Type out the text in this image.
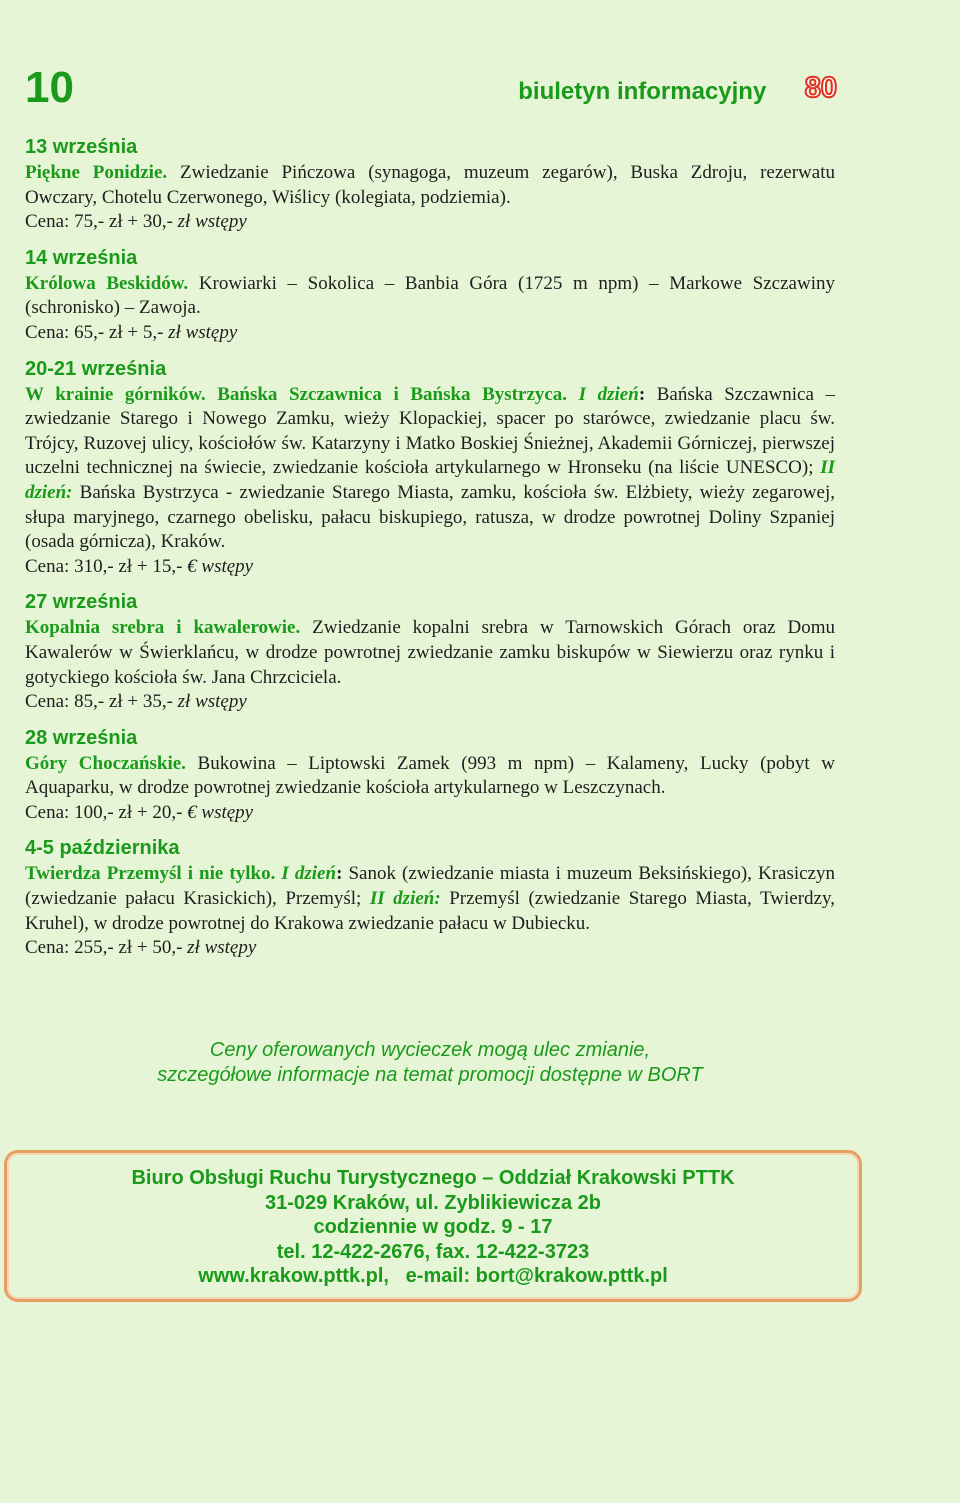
10	biuletyn informacyjny	80
13 września
Piękne Ponidzie. Zwiedzanie Pińczowa (synagoga, muzeum zegarów), Buska Zdroju, rezerwatu Owczary, Chotelu Czerwonego, Wiślicy (kolegiata, podziemia).
Cena: 75,- zł + 30,- zł wstępy
14 września
Królowa Beskidów. Krowiarki – Sokolica – Banbia Góra (1725 m npm) – Markowe Szczawiny (schronisko) – Zawoja.
Cena: 65,- zł + 5,- zł wstępy
20-21 września
W krainie górników. Bańska Szczawnica i Bańska Bystrzyca. I dzień: Bańska Szczawnica – zwiedzanie Starego i Nowego Zamku, wieży Klopackiej, spacer po starówce, zwiedzanie placu św. Trójcy, Ruzovej ulicy, kościołów św. Katarzyny i Matko Boskiej Śnieżnej, Akademii Górniczej, pierwszej uczelni technicznej na świecie, zwiedzanie kościoła artykularnego w Hronseku (na liście UNESCO); II dzień: Bańska Bystrzyca - zwiedzanie Starego Miasta, zamku, kościoła św. Elżbiety, wieży zegarowej, słupa maryjnego, czarnego obelisku, pałacu biskupiego, ratusza, w drodze powrotnej Doliny Szpaniej (osada górnicza), Kraków.
Cena: 310,- zł + 15,- € wstępy
27 września
Kopalnia srebra i kawalerowie. Zwiedzanie kopalni srebra w Tarnowskich Górach oraz Domu Kawalerów w Świerklańcu, w drodze powrotnej zwiedzanie zamku biskupów w Siewierzu oraz rynku i gotyckiego kościoła św. Jana Chrzciciela.
Cena: 85,- zł + 35,- zł wstępy
28 września
Góry Choczańskie. Bukowina – Liptowski Zamek (993 m npm) – Kalameny, Lucky (pobyt w Aquaparku, w drodze powrotnej zwiedzanie kościoła artykularnego w Leszczynach.
Cena: 100,- zł + 20,- € wstępy
4-5 października
Twierdza Przemyśl i nie tylko. I dzień: Sanok (zwiedzanie miasta i muzeum Beksińskiego), Krasiczyn (zwiedzanie pałacu Krasickich), Przemyśl; II dzień: Przemyśl (zwiedzanie Starego Miasta, Twierdzy, Kruhel), w drodze powrotnej do Krakowa zwiedzanie pałacu w Dubiecku.
Cena: 255,- zł + 50,- zł wstępy
Ceny oferowanych wycieczek mogą ulec zmianie,
szczegółowe informacje na temat promocji dostępne w BORT
Biuro Obsługi Ruchu Turystycznego – Oddział Krakowski PTTK
31-029 Kraków, ul. Zyblikiewicza 2b
codziennie w godz. 9 - 17
tel. 12-422-2676, fax. 12-422-3723
www.krakow.pttk.pl, e-mail: bort@krakow.pttk.pl
